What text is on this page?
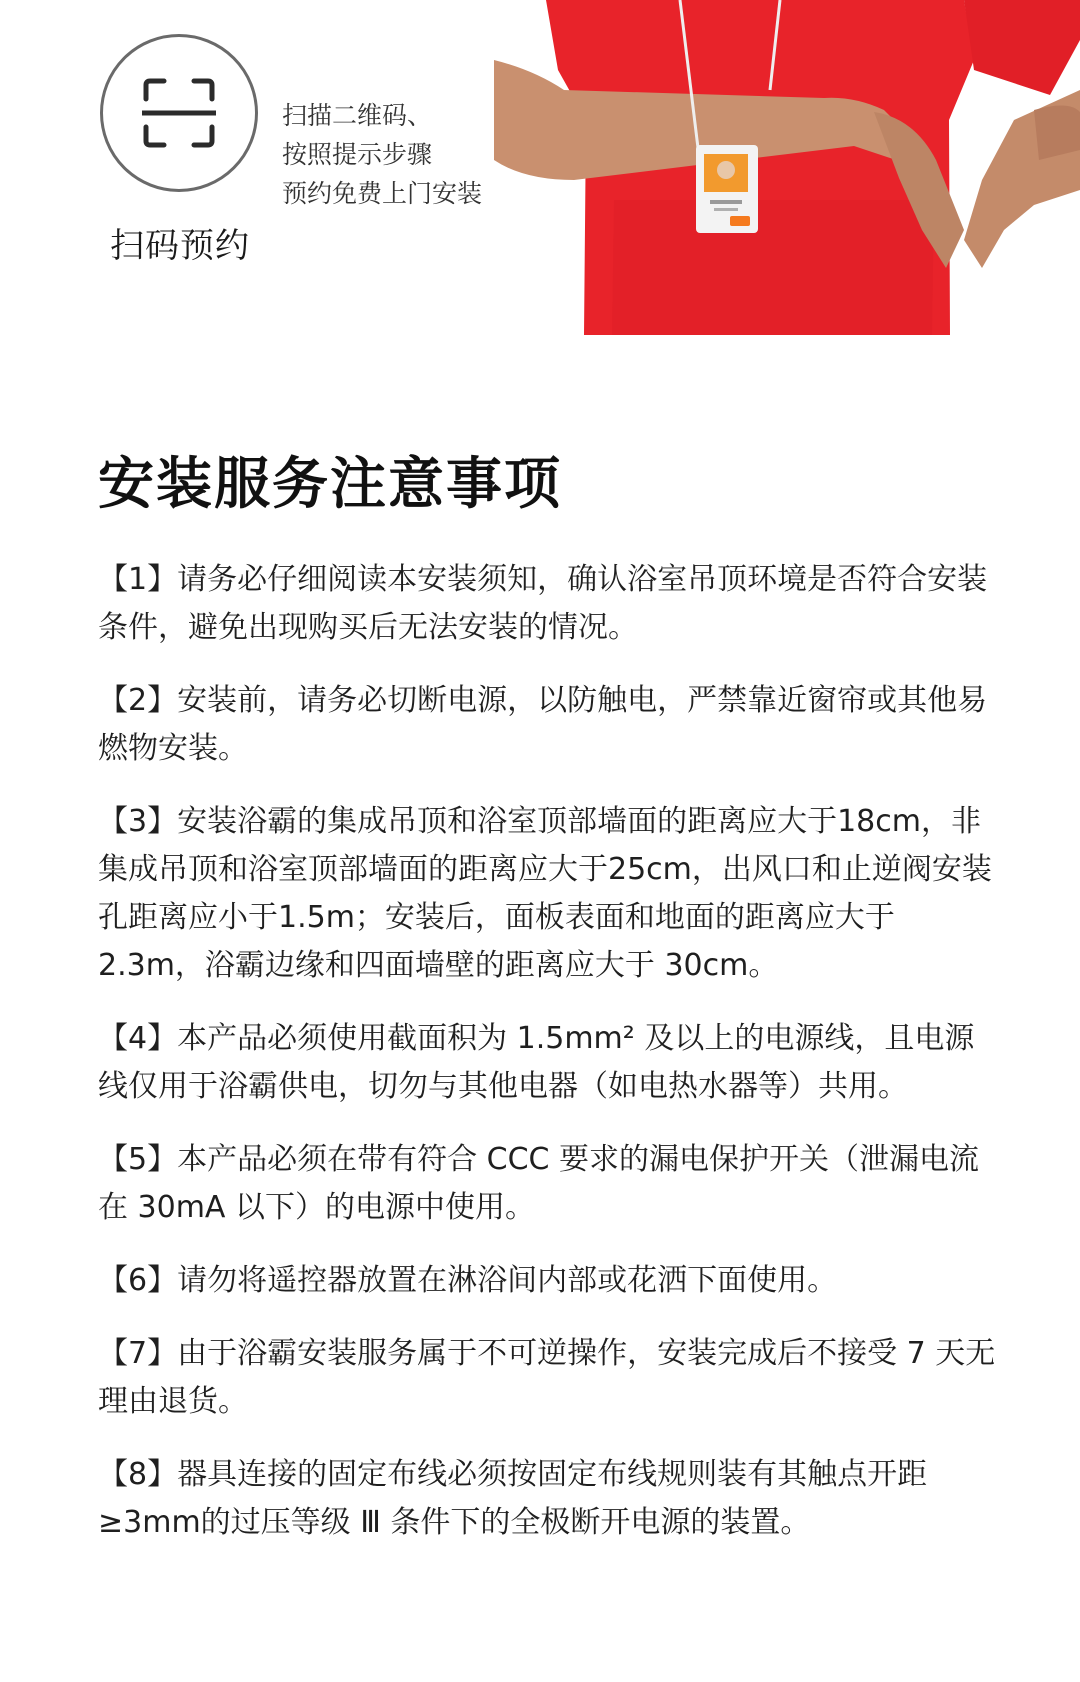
扫码预约
扫描二维码、
按照提示步骤
预约免费上门安装
安装服务注意事项
【1】请务必仔细阅读本安装须知，确认浴室吊顶环境是否符合安装条件，避免出现购买后无法安装的情况。
【2】安装前，请务必切断电源，以防触电，严禁靠近窗帘或其他易燃物安装。
【3】安装浴霸的集成吊顶和浴室顶部墙面的距离应大于18cm，非集成吊顶和浴室顶部墙面的距离应大于25cm，出风口和止逆阀安装孔距离应小于1.5m；安装后，面板表面和地面的距离应大于 2.3m，浴霸边缘和四面墙壁的距离应大于 30cm。
【4】本产品必须使用截面积为 1.5mm² 及以上的电源线，且电源线仅用于浴霸供电，切勿与其他电器（如电热水器等）共用。
【5】本产品必须在带有符合 CCC 要求的漏电保护开关（泄漏电流在 30mA 以下）的电源中使用。
【6】请勿将遥控器放置在淋浴间内部或花洒下面使用。
【7】由于浴霸安装服务属于不可逆操作，安装完成后不接受 7 天无理由退货。
【8】器具连接的固定布线必须按固定布线规则装有其触点开距≥3mm的过压等级 Ⅲ 条件下的全极断开电源的装置。
